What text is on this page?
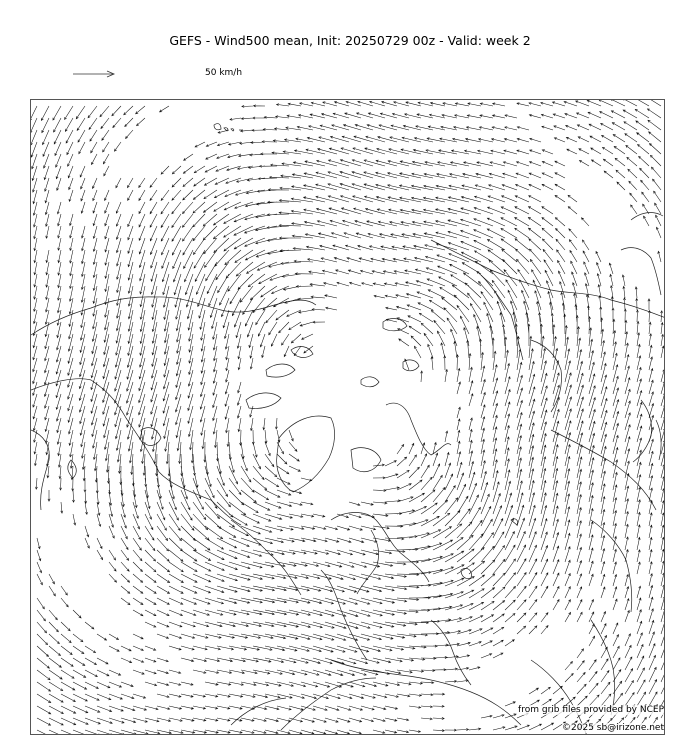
GEFS - Wind500 mean, Init: 20250729 00z - Valid: week 2
50 km/h
from grib files provided by NCEP
©2025 sb@irizone.net
